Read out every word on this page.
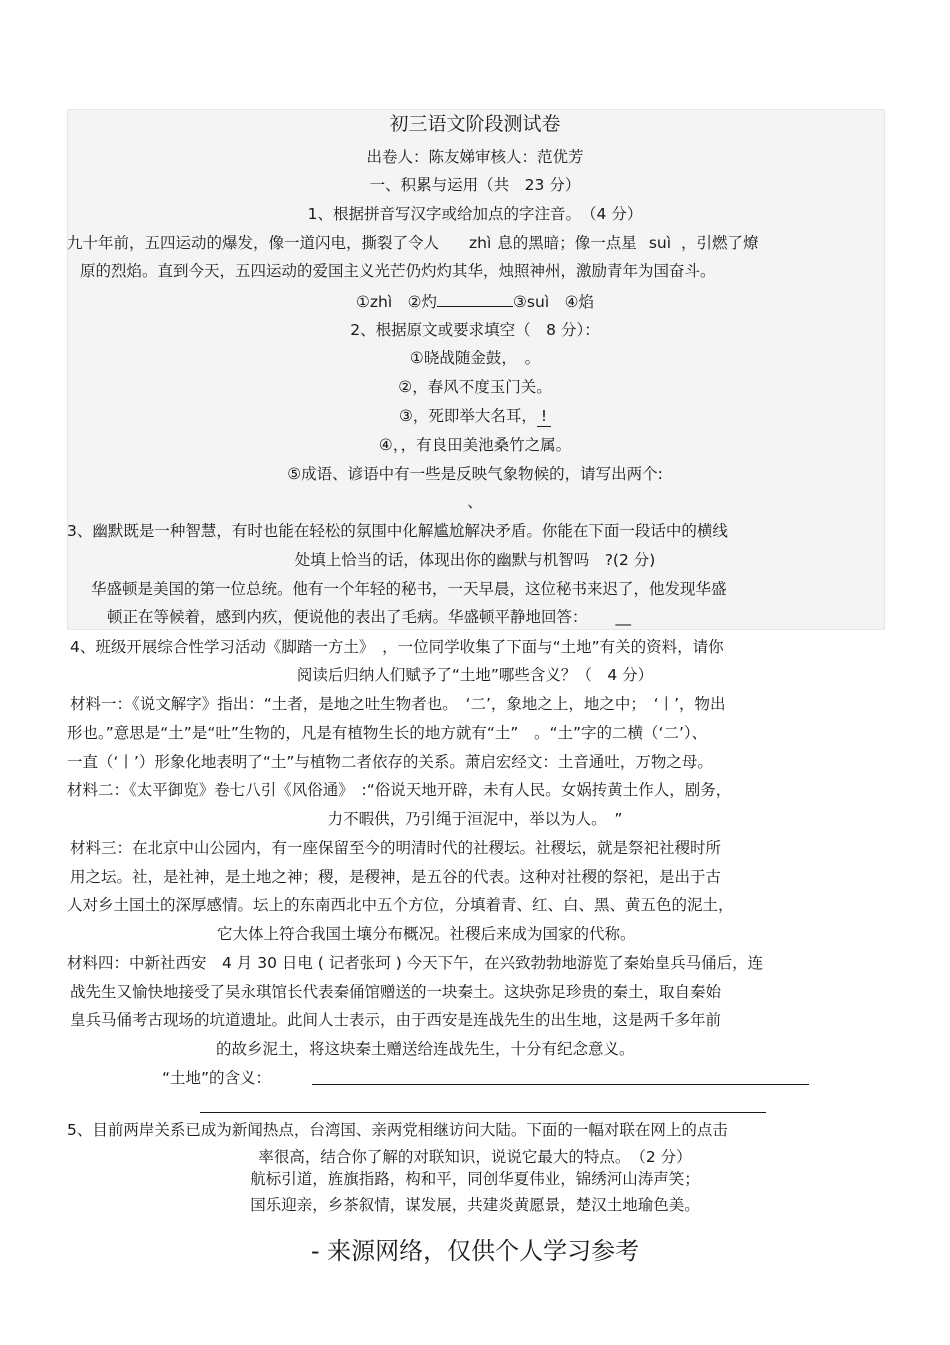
初三语文阶段测试卷
出卷人：陈友娣审核人：范优芳
一、积累与运用（共　23 分）
1、根据拼音写汉字或给加点的字注音。　（4 分）
九十年前，五四运动的爆发，像一道闪电，撕裂了令人 zhì 息的黑暗；像一点星 suì ，引燃了燎
原的烈焰。直到今天，五四运动的爱国主义光芒仍灼灼其华，烛照神州，激励青年为国奋斗。
①zhì　②灼	③suì　④焰
2、根据原文或要求填空（　8 分）：
①晓战随金鼓，　。
②，春风不度玉门关。
③，死即举大名耳， !
④，，有良田美池桑竹之属。
⑤成语、谚语中有一些是反映气象物候的，请写出两个:
、
3、幽默既是一种智慧，有时也能在轻松的氛围中化解尴尬解决矛盾。你能在下面一段话中的横线
处填上恰当的话，体现出你的幽默与机智吗　?(2 分)
华盛顿是美国的第一位总统。他有一个年轻的秘书，一天早晨，这位秘书来迟了，他发现华盛
顿正在等候着，感到内疚，便说他的表出了毛病。华盛顿平静地回答： __
4、班级开展综合性学习活动《脚踏一方土》　，一位同学收集了下面与“土地”有关的资料，请你
阅读后归纳人们赋予了“土地”哪些含义？（　4 分）
材料一：《说文解字》指出：“土者，是地之吐生物者也。　‘二’，象地之上，地之中；　‘丨’，物出
形也。”意思是“土”是“吐”生物的，凡是有植物生长的地方就有“土”　。“土”字的二横（‘二’）、
一直（‘丨’）形象化地表明了“土”与植物二者依存的关系。萧启宏经文：土音通吐，万物之母。
材料二：《太平御览》卷七八引《风俗通》　:“俗说天地开辟，未有人民。女娲抟黄土作人，剧务，
力不暇供，乃引绳于洹泥中，举以为人。　”
材料三：在北京中山公园内，有一座保留至今的明清时代的社稷坛。社稷坛，就是祭祀社稷时所
用之坛。社，是社神，是土地之神；稷，是稷神，是五谷的代表。这种对社稷的祭祀，是出于古
人对乡土国土的深厚感情。坛上的东南西北中五个方位，分填着青、红、白、黑、黄五色的泥土，
它大体上符合我国土壤分布概况。社稷后来成为国家的代称。
材料四：中新社西安　4 月 30 日电 ( 记者张珂 ) 今天下午，在兴致勃勃地游览了秦始皇兵马俑后，连
战先生又愉快地接受了吴永琪馆长代表秦俑馆赠送的一块秦土。这块弥足珍贵的秦土，取自秦始
皇兵马俑考古现场的坑道遗址。此间人士表示，由于西安是连战先生的出生地，这是两千多年前
的故乡泥土，将这块秦土赠送给连战先生，十分有纪念意义。
“土地”的含义：
5、目前两岸关系已成为新闻热点，台湾国、亲两党相继访问大陆。下面的一幅对联在网上的点击
率很高，结合你了解的对联知识，说说它最大的特点。　（2 分）
航标引道，旌旗指路，构和平，同创华夏伟业，锦绣河山涛声笑；
国乐迎亲，乡茶叙情，谋发展，共建炎黄愿景，楚汉土地瑜色美。
- 来源网络，仅供个人学习参考
